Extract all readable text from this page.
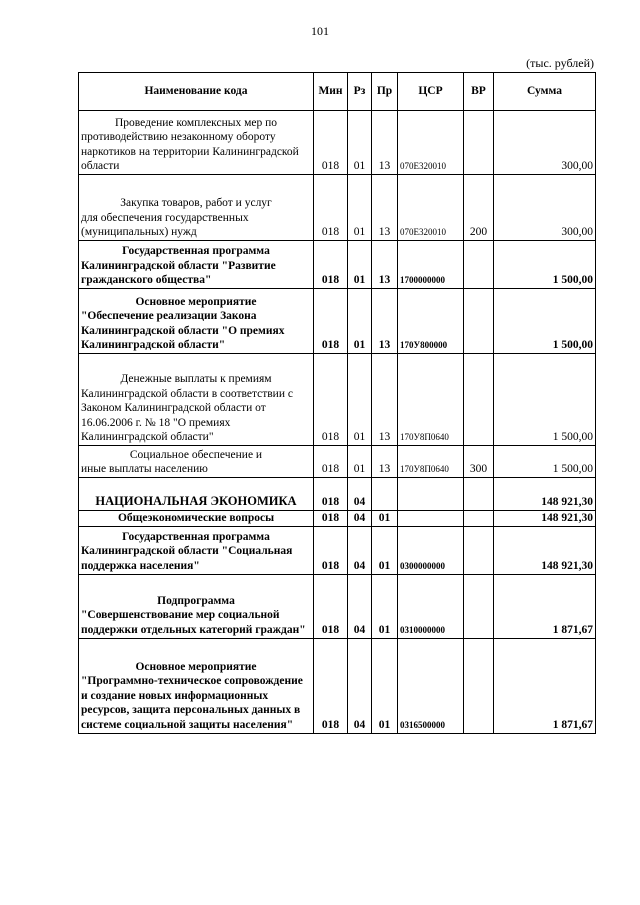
101
(тыс. рублей)
Наименование кода	Мин	Рз	Пр	ЦСР	ВР	Сумма
Проведение комплексных мер попротиводействию незаконному обороту наркотиков на территории Калининградской области	018	01	13	070Е320010		300,00
Закупка товаров, работ и услугдля обеспечения государственных (муниципальных) нужд	018	01	13	070Е320010	200	300,00
Государственная программаКалининградской области "Развитие гражданского общества"	018	01	13	1700000000		1 500,00
Основное мероприятие"Обеспечение реализации Закона Калининградской области "О премиях Калининградской области"	018	01	13	170У800000		1 500,00
Денежные выплаты к премиямКалининградской области в соответствии с Законом Калининградской области от 16.06.2006 г. № 18 "О премиях Калининградской области"	018	01	13	170У8П0640		1 500,00
Социальное обеспечение ииные выплаты населению	018	01	13	170У8П0640	300	1 500,00
НАЦИОНАЛЬНАЯ ЭКОНОМИКА	018	04				148 921,30
Общеэкономические вопросы	018	04	01			148 921,30
Государственная программаКалининградской области "Социальная поддержка населения"	018	04	01	0300000000		148 921,30
Подпрограмма"Совершенствование мер социальной поддержки отдельных категорий граждан"	018	04	01	0310000000		1 871,67
Основное мероприятие"Программно-техническое сопровождение и создание новых информационных ресурсов, защита персональных данных в системе социальной защиты населения"	018	04	01	0316500000		1 871,67
